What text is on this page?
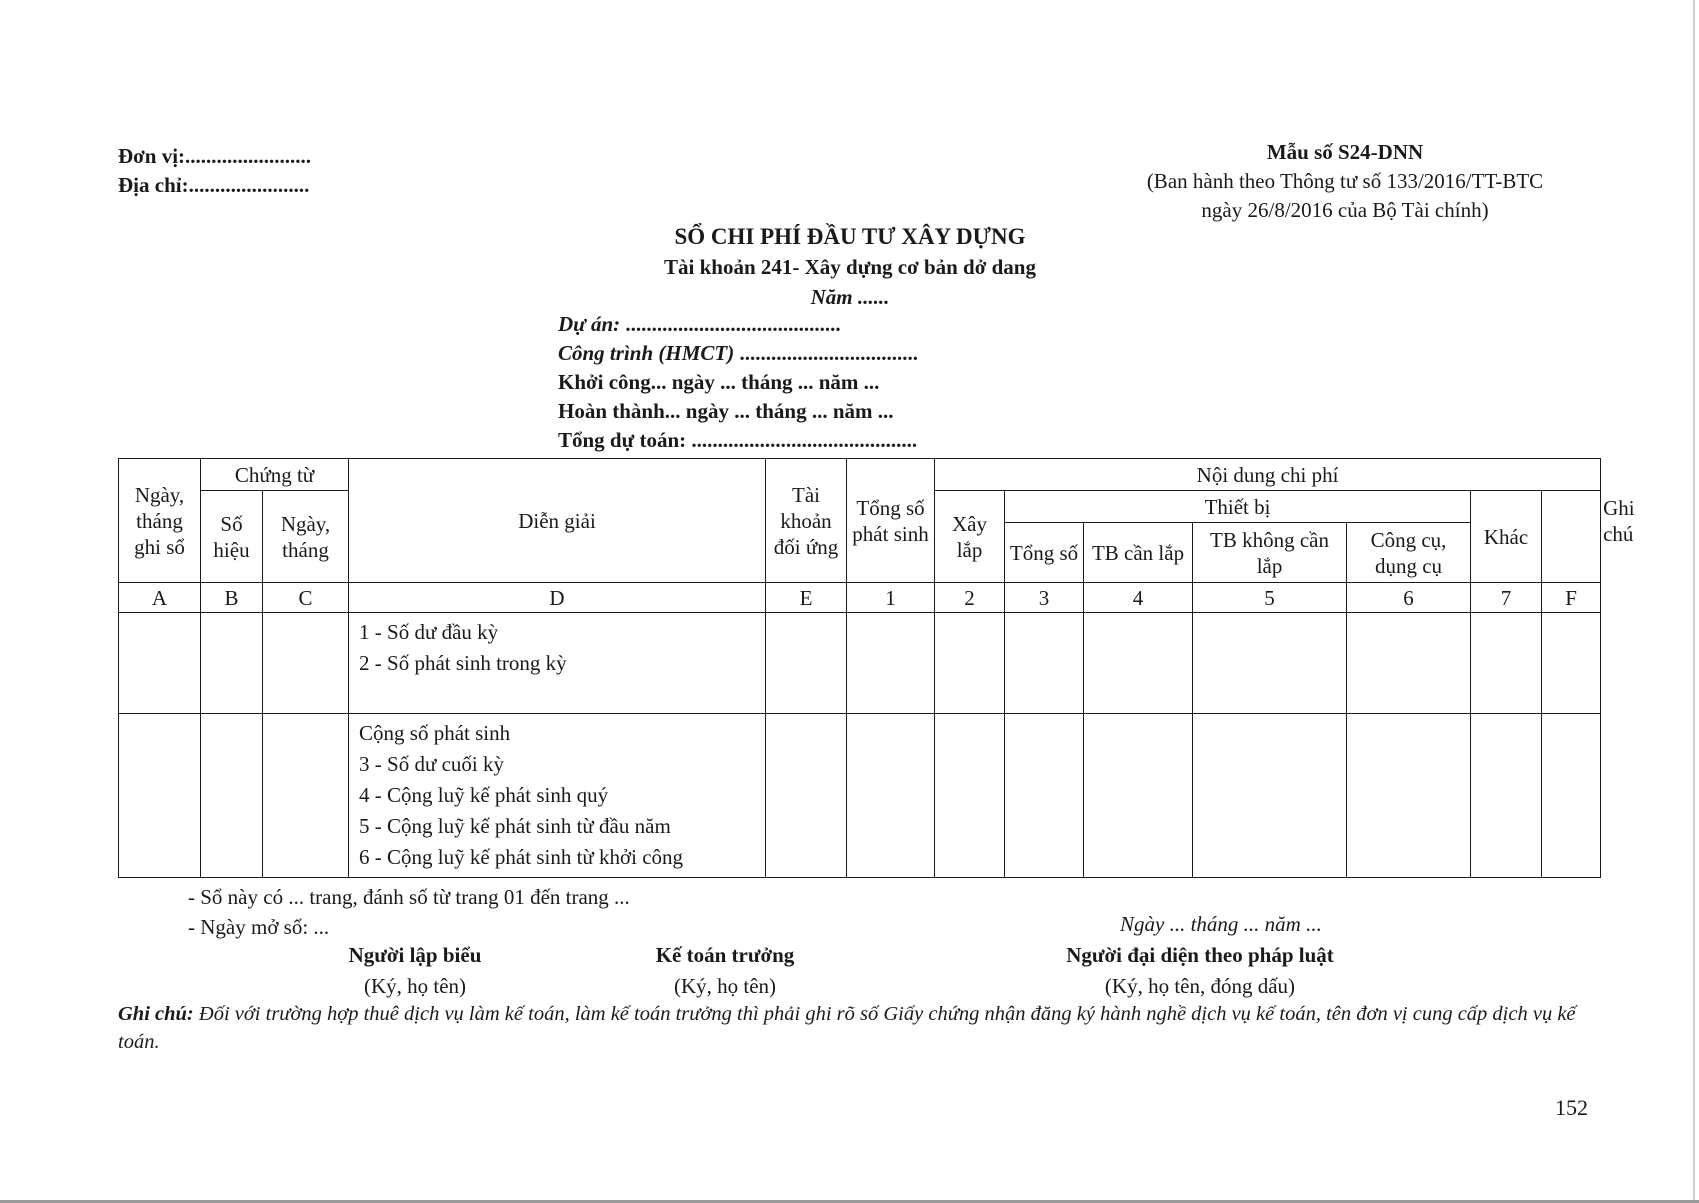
Đơn vị:........................
Địa chỉ:.......................
Mẫu số S24-DNN
(Ban hành theo Thông tư số 133/2016/TT-BTC
ngày 26/8/2016 của Bộ Tài chính)
SỔ CHI PHÍ ĐẦU TƯ XÂY DỰNG
Tài khoản 241- Xây dựng cơ bản dở dang
Năm ......
Dự án: .........................................
Công trình (HMCT) ..................................
Khởi công... ngày ... tháng ... năm ...
Hoàn thành... ngày ... tháng ... năm ...
Tổng dự toán: ...........................................
Ngày, tháng ghi sổ	Chứng từ		Diễn giải	Tài khoản đối ứng	Tổng số phát sinh	Nội dung chi phí							Ghi chú
	Số hiệu	Ngày, tháng				Xây lắp	Thiết bị				Khác		
							Tổng số	TB cần lắp	TB không cần lắp	Công cụ, dụng cụ			
A	B	C	D	E	1	2	3	4	5	6	7	F	

			1 - Số dư đầu kỳ
2 - Số phát sinh trong kỳ										

			Cộng số phát sinh
3 - Số dư cuối kỳ
4 - Cộng luỹ kế phát sinh quý
5 - Cộng luỹ kế phát sinh từ đầu năm
6 - Cộng luỹ kế phát sinh từ khởi công										

- Sổ này có ... trang, đánh số từ trang 01 đến trang ...
- Ngày mở sổ: ...	Ngày ... tháng ... năm ...
Người lập biểu
(Ký, họ tên)
Kế toán trưởng
(Ký, họ tên)
Người đại diện theo pháp luật
(Ký, họ tên, đóng dấu)
Ghi chú: Đối với trường hợp thuê dịch vụ làm kế toán, làm kế toán trưởng thì phải ghi rõ số Giấy chứng nhận đăng ký hành nghề dịch vụ kế toán, tên đơn vị cung cấp dịch vụ kế toán.
152
